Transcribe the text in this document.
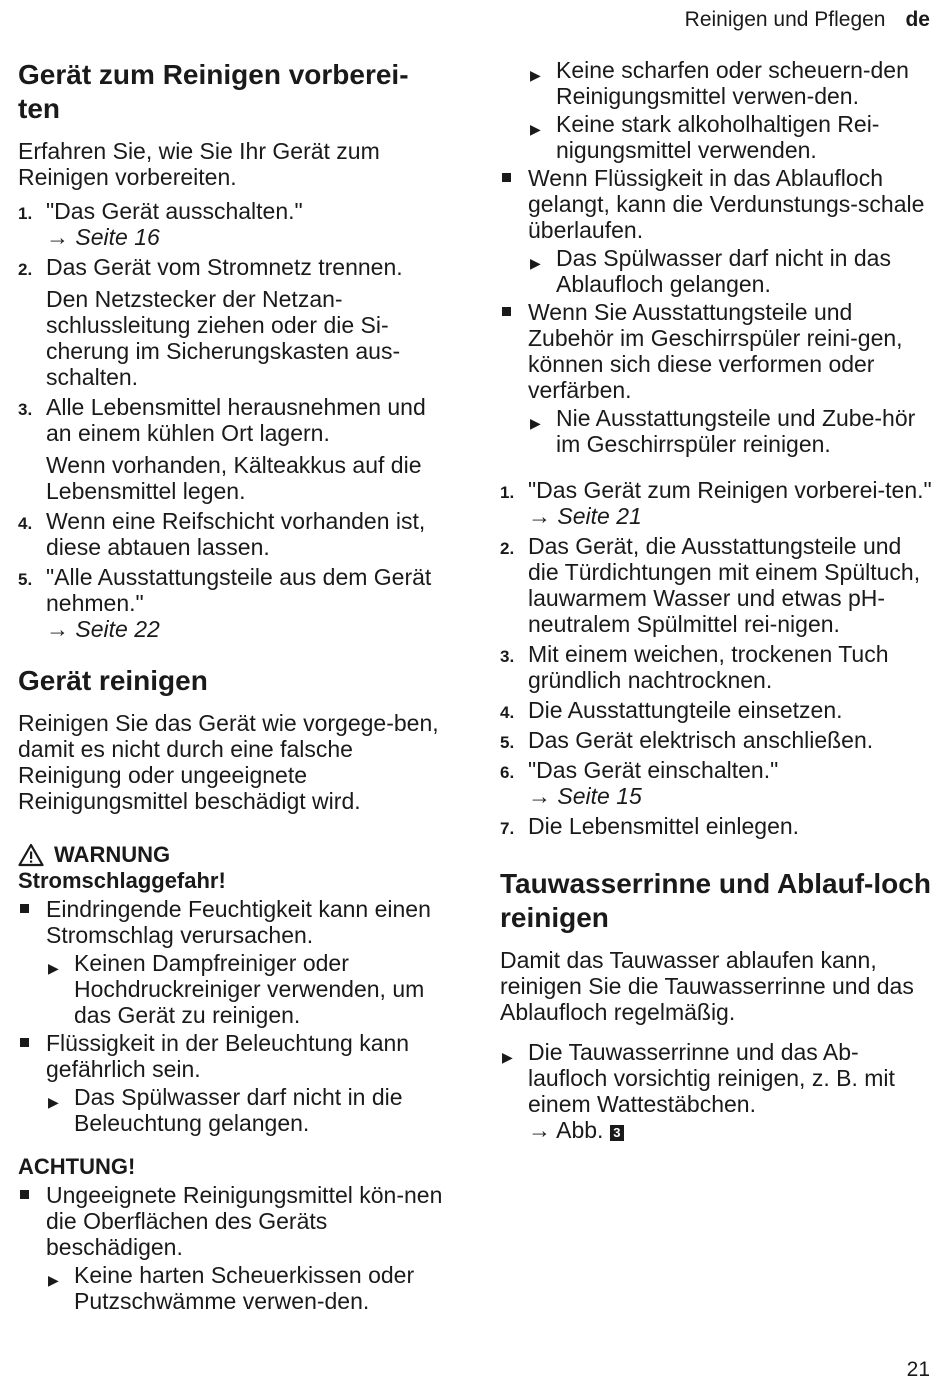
Reinigen und Pflegen de
Gerät zum Reinigen vorberei-ten

Erfahren Sie, wie Sie Ihr Gerät zum Reinigen vorbereiten.

1. "Das Gerät ausschalten."
→ Seite 16
2. Das Gerät vom Stromnetz trennen.

Den Netzstecker der Netzan-schlussleitung ziehen oder die Si-cherung im Sicherungskasten aus-schalten.

3. Alle Lebensmittel herausnehmen und an einem kühlen Ort lagern.

Wenn vorhanden, Kälteakkus auf die Lebensmittel legen.

4. Wenn eine Reifschicht vorhanden ist, diese abtauen lassen.
5. "Alle Ausstattungsteile aus dem Gerät nehmen."
→ Seite 22
Gerät reinigen

Reinigen Sie das Gerät wie vorgege-ben, damit es nicht durch eine falsche Reinigung oder ungeeignete Reinigungsmittel beschädigt wird.

WARNUNG
Stromschlaggefahr!
Eindringende Feuchtigkeit kann einen Stromschlag verursachen.
▶ Keinen Dampfreiniger oder Hochdruckreiniger verwenden, um das Gerät zu reinigen.
Flüssigkeit in der Beleuchtung kann gefährlich sein.
▶ Das Spülwasser darf nicht in die Beleuchtung gelangen.
ACHTUNG!
Ungeeignete Reinigungsmittel kön-nen die Oberflächen des Geräts beschädigen.
▶ Keine harten Scheuerkissen oder Putzschwämme verwen-den.
▶ Keine scharfen oder scheuern-den Reinigungsmittel verwen-den.
▶ Keine stark alkoholhaltigen Rei-nigungsmittel verwenden.
Wenn Flüssigkeit in das Ablaufloch gelangt, kann die Verdunstungs-schale überlaufen.
▶ Das Spülwasser darf nicht in das Ablaufloch gelangen.
Wenn Sie Ausstattungsteile und Zubehör im Geschirrspüler reini-gen, können sich diese verformen oder verfärben.
▶ Nie Ausstattungsteile und Zube-hör im Geschirrspüler reinigen.
1. "Das Gerät zum Reinigen vorberei-ten." → Seite 21
2. Das Gerät, die Ausstattungsteile und die Türdichtungen mit einem Spültuch, lauwarmem Wasser und etwas pH-neutralem Spülmittel rei-nigen.
3. Mit einem weichen, trockenen Tuch gründlich nachtrocknen.
4. Die Ausstattungteile einsetzen.
5. Das Gerät elektrisch anschließen.
6. "Das Gerät einschalten."
→ Seite 15
7. Die Lebensmittel einlegen.
Tauwasserrinne und Ablauf-loch reinigen

Damit das Tauwasser ablaufen kann, reinigen Sie die Tauwasserrinne und das Ablaufloch regelmäßig.

▶ Die Tauwasserrinne und das Ab-laufloch vorsichtig reinigen, z. B. mit einem Wattestäbchen.
→ Abb. 3
21
